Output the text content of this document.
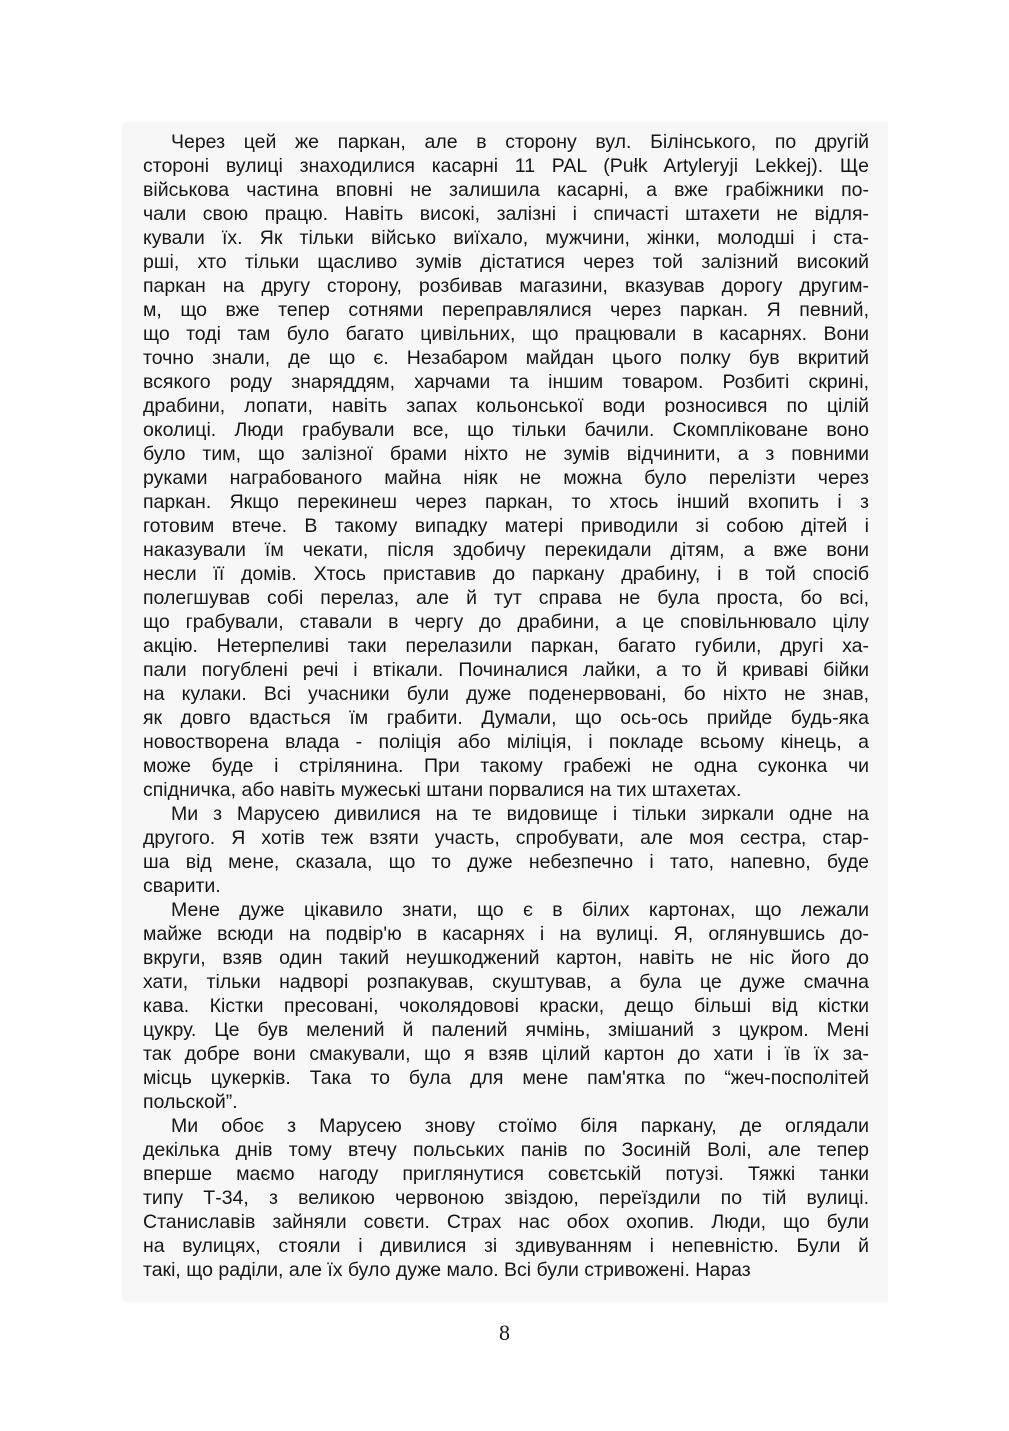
Через цей же паркан, але в сторону вул. Білінського, по другій
стороні вулиці знаходилися касарні 11 PAL (Pułk Artyleryji Lekkej). Ще
військова частина вповні не залишила касарні, а вже грабіжники по-
чали свою працю. Навіть високі, залізні і спичасті штахети не відля-
кували їх. Як тільки військо виїхало, мужчини, жінки, молодші і ста-
рші, хто тільки щасливо зумів дістатися через той залізний високий
паркан на другу сторону, розбивав магазини, вказував дорогу другим-
м, що вже тепер сотнями переправлялися через паркан. Я певний,
що тоді там було багато цивільних, що працювали в касарнях. Вони
точно знали, де що є. Незабаром майдан цього полку був вкритий
всякого роду знаряддям, харчами та іншим товаром. Розбиті скрині,
драбини, лопати, навіть запах кольонської води розносився по цілій
околиці. Люди грабували все, що тільки бачили. Скомпліковане воно
було тим, що залізної брами ніхто не зумів відчинити, а з повними
руками награбованого майна ніяк не можна було перелізти через
паркан. Якщо перекинеш через паркан, то хтось інший вхопить і з
готовим втече. В такому випадку матері приводили зі собою дітей і
наказували їм чекати, після здобичу перекидали дітям, а вже вони
несли її домів. Хтось приставив до паркану драбину, і в той спосіб
полегшував собі перелаз, але й тут справа не була проста, бо всі,
що грабували, ставали в чергу до драбини, а це сповільнювало цілу
акцію. Нетерпеливі таки перелазили паркан, багато губили, другі ха-
пали погублені речі і втікали. Починалися лайки, а то й криваві бійки
на кулаки. Всі учасники були дуже поденервовані, бо ніхто не знав,
як довго вдасться їм грабити. Думали, що ось-ось прийде будь-яка
новостворена влада - поліція або міліція, і покладе всьому кінець, а
може буде і стрілянина. При такому грабежі не одна суконка чи
спідничка, або навіть мужеські штани порвалися на тих штахетах.
Ми з Марусею дивилися на те видовище і тільки зиркали одне на
другого. Я хотів теж взяти участь, спробувати, але моя сестра, стар-
ша від мене, сказала, що то дуже небезпечно і тато, напевно, буде
сварити.
Мене дуже цікавило знати, що є в білих картонах, що лежали
майже всюди на подвір'ю в касарнях і на вулиці. Я, оглянувшись до-
вкруги, взяв один такий неушкоджений картон, навіть не ніс його до
хати, тільки надворі розпакував, скуштував, а була це дуже смачна
кава. Кістки пресовані, чоколядовові краски, дещо більші від кістки
цукру. Це був мелений й палений ячмінь, змішаний з цукром. Мені
так добре вони смакували, що я взяв цілий картон до хати і їв їх за-
місць цукерків. Така то була для мене пам'ятка по “жеч-посполітей
польской”.
Ми обоє з Марусею знову стоїмо біля паркану, де оглядали
декілька днів тому втечу польських панів по Зосиній Волі, але тепер
вперше маємо нагоду приглянутися совєтській потузі. Тяжкі танки
типу Т-34, з великою червоною звіздою, переїздили по тій вулиці.
Станиславів зайняли совєти. Страх нас обох охопив. Люди, що були
на вулицях, стояли і дивилися зі здивуванням і непевністю. Були й
такі, що раділи, але їх було дуже мало. Всі були стривожені. Нараз
8
